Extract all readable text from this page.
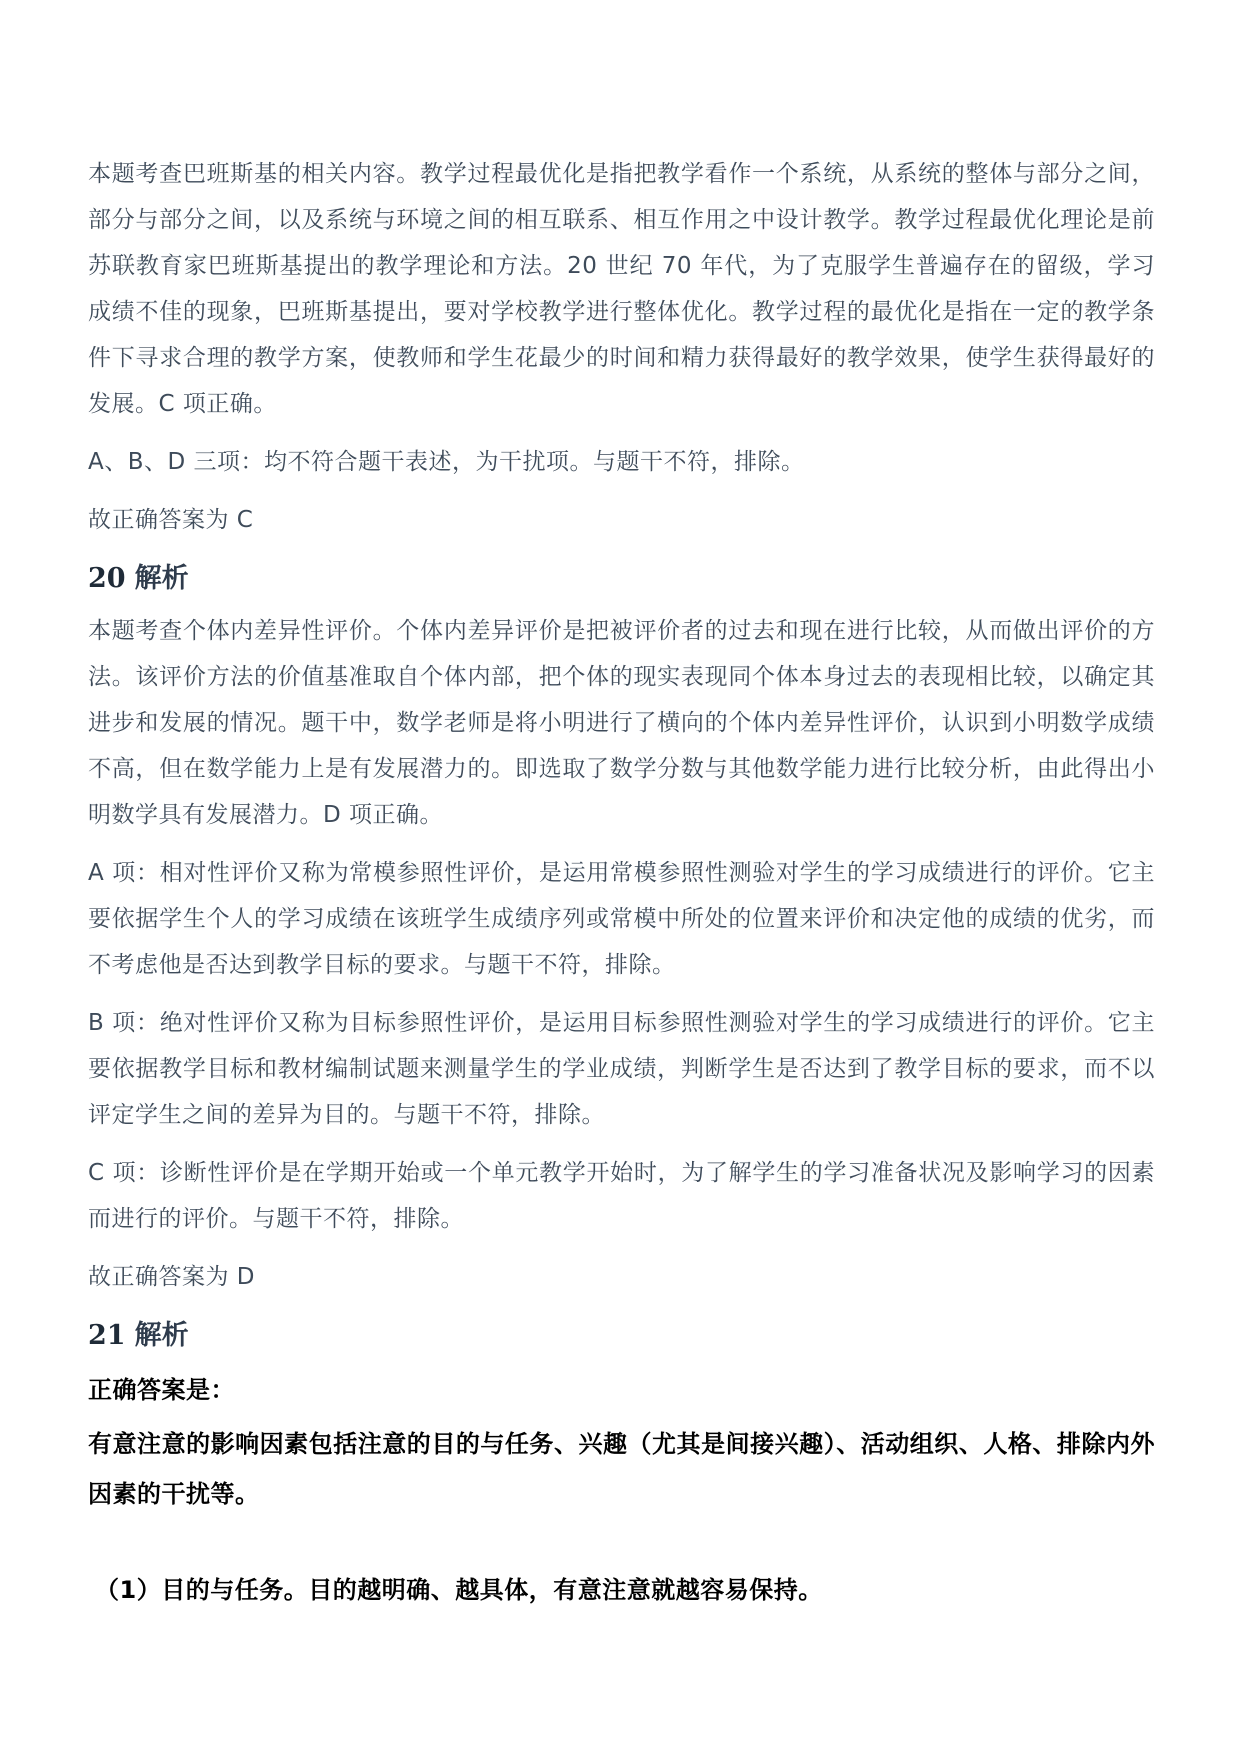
本题考查巴班斯基的相关内容。教学过程最优化是指把教学看作一个系统，从系统的整体与部分之间，部分与部分之间，以及系统与环境之间的相互联系、相互作用之中设计教学。教学过程最优化理论是前苏联教育家巴班斯基提出的教学理论和方法。20 世纪 70 年代，为了克服学生普遍存在的留级，学习成绩不佳的现象，巴班斯基提出，要对学校教学进行整体优化。教学过程的最优化是指在一定的教学条件下寻求合理的教学方案，使教师和学生花最少的时间和精力获得最好的教学效果，使学生获得最好的发展。C 项正确。

A、B、D 三项：均不符合题干表述，为干扰项。与题干不符，排除。

故正确答案为 C

20 解析

本题考查个体内差异性评价。个体内差异评价是把被评价者的过去和现在进行比较，从而做出评价的方法。该评价方法的价值基准取自个体内部，把个体的现实表现同个体本身过去的表现相比较，以确定其进步和发展的情况。题干中，数学老师是将小明进行了横向的个体内差异性评价，认识到小明数学成绩不高，但在数学能力上是有发展潜力的。即选取了数学分数与其他数学能力进行比较分析，由此得出小明数学具有发展潜力。D 项正确。

A 项：相对性评价又称为常模参照性评价，是运用常模参照性测验对学生的学习成绩进行的评价。它主要依据学生个人的学习成绩在该班学生成绩序列或常模中所处的位置来评价和决定他的成绩的优劣，而不考虑他是否达到教学目标的要求。与题干不符，排除。

B 项：绝对性评价又称为目标参照性评价，是运用目标参照性测验对学生的学习成绩进行的评价。它主要依据教学目标和教材编制试题来测量学生的学业成绩，判断学生是否达到了教学目标的要求，而不以评定学生之间的差异为目的。与题干不符，排除。

C 项：诊断性评价是在学期开始或一个单元教学开始时，为了解学生的学习准备状况及影响学习的因素而进行的评价。与题干不符，排除。

故正确答案为 D

21 解析

正确答案是：

有意注意的影响因素包括注意的目的与任务、兴趣（尤其是间接兴趣）、活动组织、人格、排除内外因素的干扰等。

（1）目的与任务。目的越明确、越具体，有意注意就越容易保持。
